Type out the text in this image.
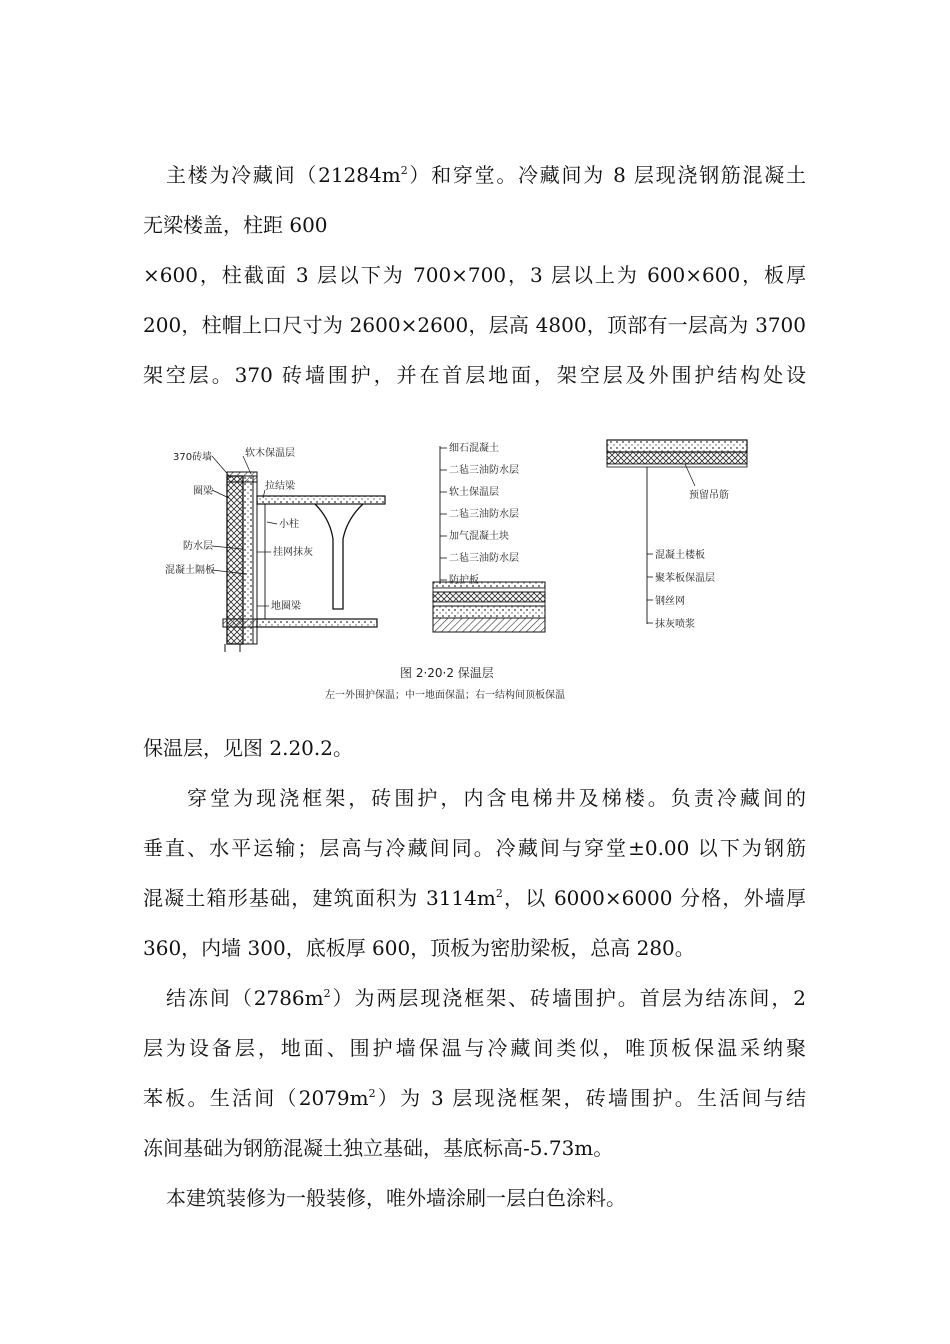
主楼为冷藏间$(21284m^2)$和穿堂。冷藏间为 8 层现浇钢筋混凝土
无梁楼盖，柱距 600
×600，柱截面 3 层以下为 700×700，3 层以上为 600×600，板厚
200，柱帽上口尺寸为 2600×2600，层高 4800，顶部有一层高为 3700
架空层。370 砖墙围护，并在首层地面，架空层及外围护结构处设
370砖墙
圈梁
防水层
混凝土隔板
软木保温层
拉结梁
小柱
挂网抹灰
地圈梁
细石混凝土
二毡三油防水层
软土保温层
二毡三油防水层
加气混凝土块
二毡三油防水层
防护板
预留吊筋
混凝土楼板
聚苯板保温层
钢丝网
抹灰喷浆
图 2·20·2 保温层
左一外围护保温；中一地面保温；右一结构间顶板保温
保温层，见图 2.20.2。
穿堂为现浇框架，砖围护，内含电梯井及梯楼。负责冷藏间的
垂直、水平运输；层高与冷藏间同。冷藏间与穿堂±0.00 以下为钢筋
混凝土箱形基础，建筑面积为 $3114m^2$，以 6000×6000 分格，外墙厚
360，内墙 300，底板厚 600，顶板为密肋梁板，总高 280。
结冻间$(2786m^2)$为两层现浇框架、砖墙围护。首层为结冻间，2
层为设备层，地面、围护墙保温与冷藏间类似，唯顶板保温采纳聚
苯板。生活间$(2079m^2)$为 3 层现浇框架，砖墙围护。生活间与结
冻间基础为钢筋混凝土独立基础，基底标高-5.73m。
本建筑装修为一般装修，唯外墙涂刷一层白色涂料。
